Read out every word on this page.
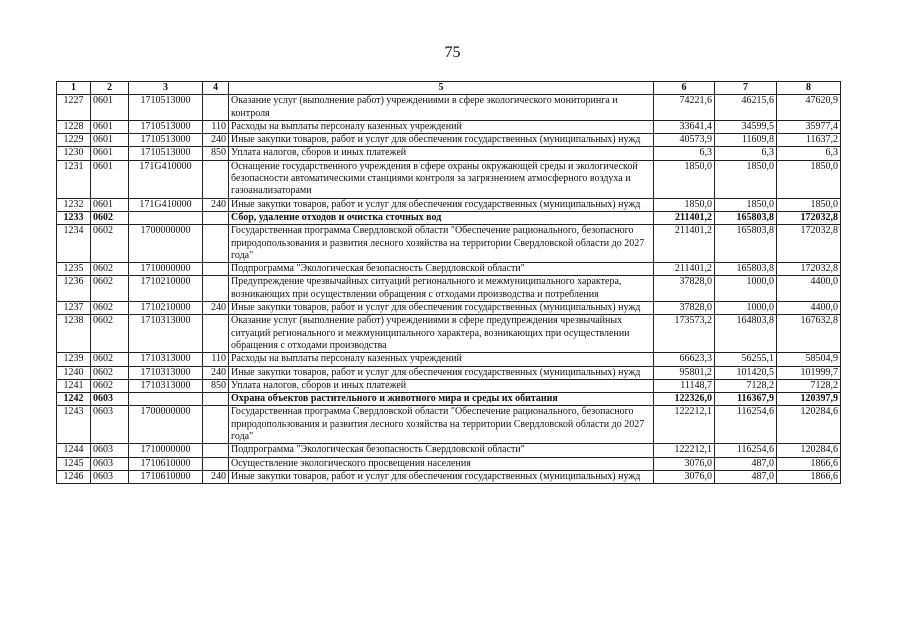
75
1	2	3	4	5	6	7	8
1227	0601	1710513000		Оказание услуг (выполнение работ) учреждениями в сфере экологического мониторинга и контроля	74221,6	46215,6	47620,9
1228	0601	1710513000	110	Расходы на выплаты персоналу казенных учреждений	33641,4	34599,5	35977,4
1229	0601	1710513000	240	Иные закупки товаров, работ и услуг для обеспечения государственных (муниципальных) нужд	40573,9	11609,8	11637,2
1230	0601	1710513000	850	Уплата налогов, сборов и иных платежей	6,3	6,3	6,3
1231	0601	171G410000		Оснащение государственного учреждения в сфере охраны окружающей среды и экологической безопасности автоматическими станциями контроля за загрязнением атмосферного воздуха и газоанализаторами	1850,0	1850,0	1850,0
1232	0601	171G410000	240	Иные закупки товаров, работ и услуг для обеспечения государственных (муниципальных) нужд	1850,0	1850,0	1850,0
1233	0602			Сбор, удаление отходов и очистка сточных вод	211401,2	165803,8	172032,8
1234	0602	1700000000		Государственная программа Свердловской области "Обеспечение рационального, безопасного природопользования и развития лесного хозяйства на территории Свердловской области до 2027 года"	211401,2	165803,8	172032,8
1235	0602	1710000000		Подпрограмма "Экологическая безопасность Свердловской области"	211401,2	165803,8	172032,8
1236	0602	1710210000		Предупреждение чрезвычайных ситуаций регионального и межмуниципального характера, возникающих при осуществлении обращения с отходами производства и потребления	37828,0	1000,0	4400,0
1237	0602	1710210000	240	Иные закупки товаров, работ и услуг для обеспечения государственных (муниципальных) нужд	37828,0	1000,0	4400,0
1238	0602	1710313000		Оказание услуг (выполнение работ) учреждениями в сфере предупреждения чрезвычайных ситуаций регионального и межмуниципального характера, возникающих при осуществлении обращения с отходами производства	173573,2	164803,8	167632,8
1239	0602	1710313000	110	Расходы на выплаты персоналу казенных учреждений	66623,3	56255,1	58504,9
1240	0602	1710313000	240	Иные закупки товаров, работ и услуг для обеспечения государственных (муниципальных) нужд	95801,2	101420,5	101999,7
1241	0602	1710313000	850	Уплата налогов, сборов и иных платежей	11148,7	7128,2	7128,2
1242	0603			Охрана объектов растительного и животного мира и среды их обитания	122326,0	116367,9	120397,9
1243	0603	1700000000		Государственная программа Свердловской области "Обеспечение рационального, безопасного природопользования и развития лесного хозяйства на территории Свердловской области до 2027 года"	122212,1	116254,6	120284,6
1244	0603	1710000000		Подпрограмма "Экологическая безопасность Свердловской области"	122212,1	116254,6	120284,6
1245	0603	1710610000		Осуществление экологического просвещения населения	3076,0	487,0	1866,6
1246	0603	1710610000	240	Иные закупки товаров, работ и услуг для обеспечения государственных (муниципальных) нужд	3076,0	487,0	1866,6
